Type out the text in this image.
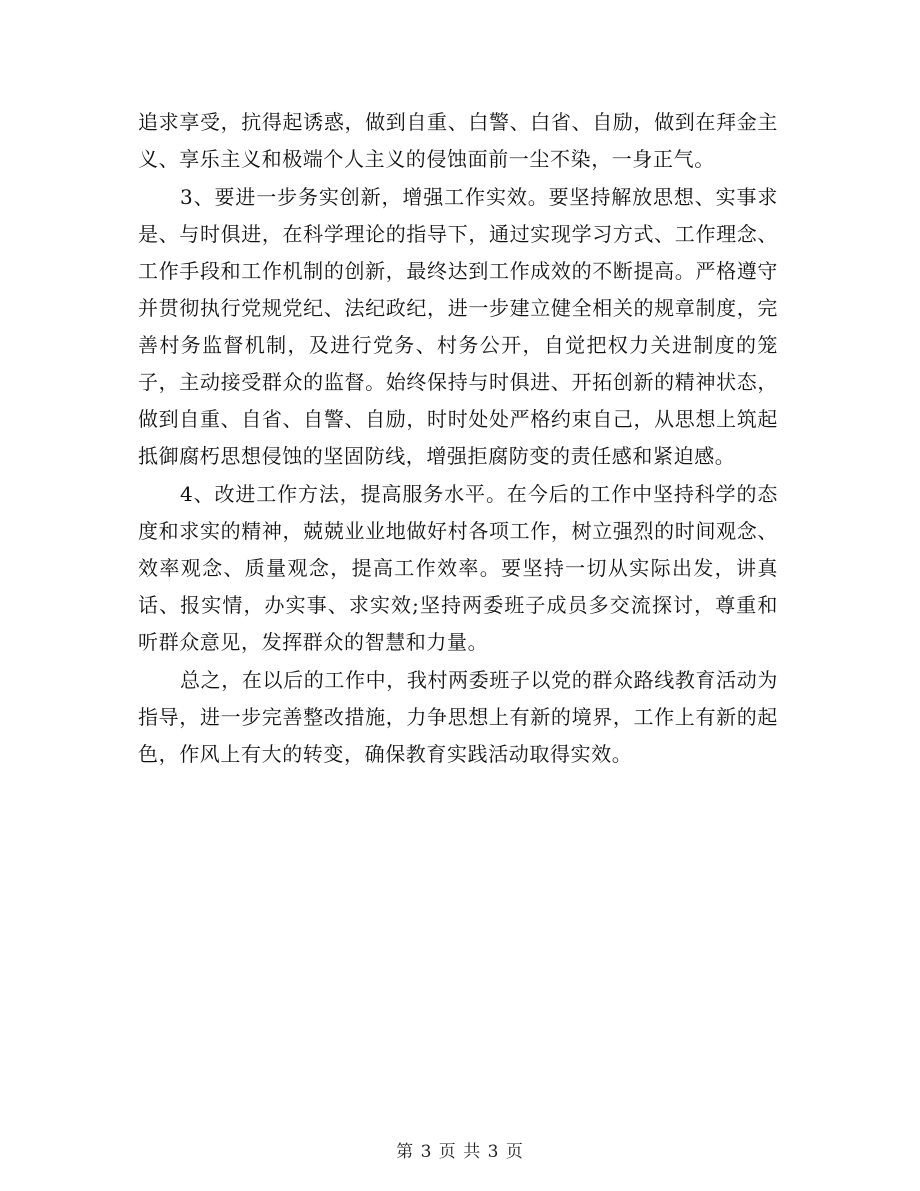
追求享受，抗得起诱惑，做到自重、白警、白省、自励，做到在拜金主义、享乐主义和极端个人主义的侵蚀面前一尘不染，一身正气。

3、要进一步务实创新，增强工作实效。要坚持解放思想、实事求是、与时俱进，在科学理论的指导下，通过实现学习方式、工作理念、工作手段和工作机制的创新，最终达到工作成效的不断提高。严格遵守并贯彻执行党规党纪、法纪政纪，进一步建立健全相关的规章制度，完善村务监督机制，及进行党务、村务公开，自觉把权力关进制度的笼子，主动接受群众的监督。始终保持与时俱进、开拓创新的精神状态，做到自重、自省、自警、自励，时时处处严格约束自己，从思想上筑起抵御腐朽思想侵蚀的坚固防线，增强拒腐防变的责任感和紧迫感。

4、改进工作方法，提高服务水平。在今后的工作中坚持科学的态度和求实的精神，兢兢业业地做好村各项工作，树立强烈的时间观念、效率观念、质量观念，提高工作效率。要坚持一切从实际出发，讲真话、报实情，办实事、求实效;坚持两委班子成员多交流探讨，尊重和听群众意见，发挥群众的智慧和力量。

总之，在以后的工作中，我村两委班子以党的群众路线教育活动为指导，进一步完善整改措施，力争思想上有新的境界，工作上有新的起色，作风上有大的转变，确保教育实践活动取得实效。

第 3 页 共 3 页
